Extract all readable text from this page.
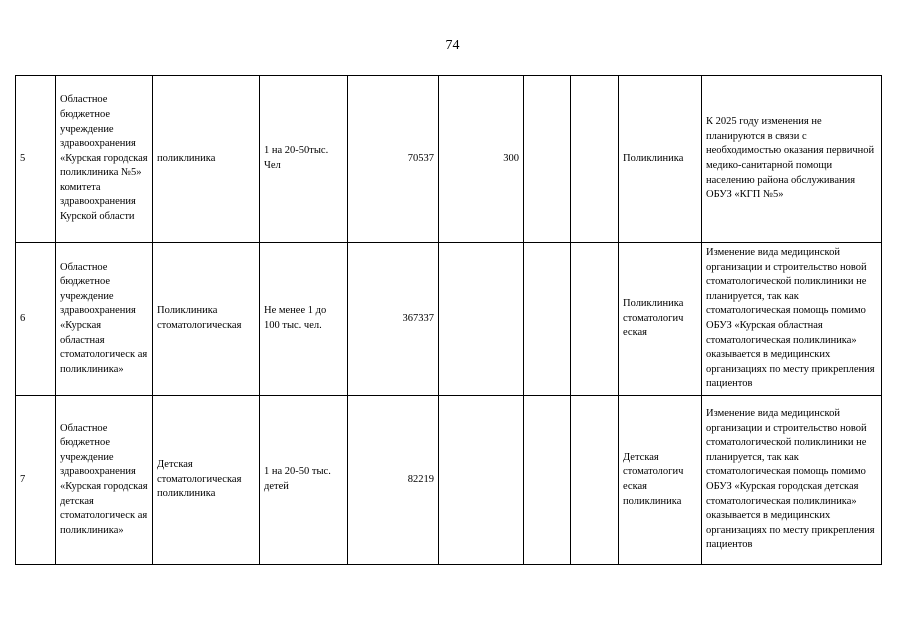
74
5	Областное бюджетное учреждение здравоохранения «Курская городская поликлиника №5» комитета здравоохранения Курской области	поликлиника	1 на 20-50тыс. Чел	70537	300			Поликлиника	К 2025 году изменения не планируются в связи с необходимостью оказания первичной медико-санитарной помощи населению района обслуживания ОБУЗ «КГП №5»
6	Областное бюджетное учреждение здравоохранения «Курская областная стоматологическ ая поликлиника»	Поликлиника стоматологическая	Не менее 1 до 100 тыс. чел.	367337				Поликлиника стоматологич еская	Изменение вида медицинской организации и строительство новой стоматологической поликлиники не планируется, так как стоматологическая помощь помимо ОБУЗ «Курская областная стоматологическая поликлиника» оказывается в медицинских организациях по месту прикрепления пациентов
7	Областное бюджетное учреждение здравоохранения «Курская городская детская стоматологическ ая поликлиника»	Детская стоматологическая поликлиника	1 на 20-50 тыс. детей	82219				Детская стоматологич еская поликлиника	Изменение вида медицинской организации и строительство новой стоматологической поликлиники не планируется, так как стоматологическая помощь помимо ОБУЗ «Курская городская детская стоматологическая поликлиника» оказывается в медицинских организациях по месту прикрепления пациентов
